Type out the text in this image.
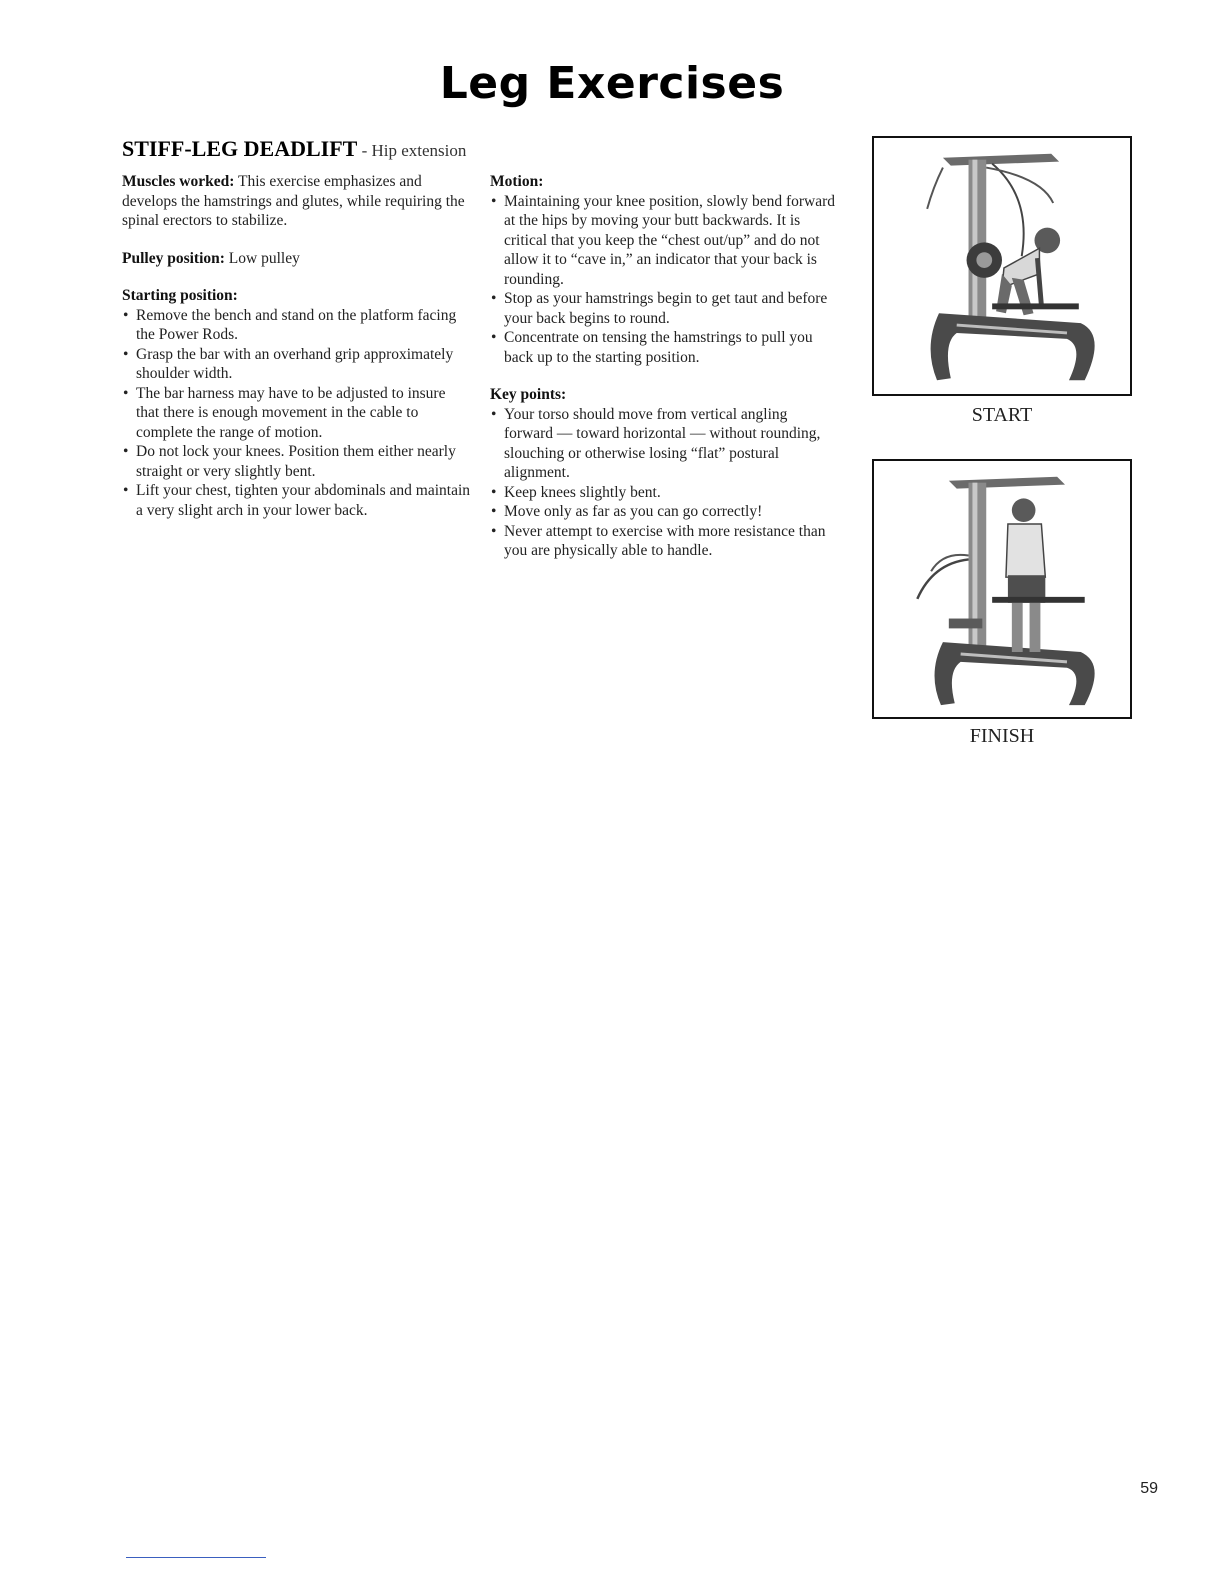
Leg Exercises
STIFF-LEG DEADLIFT - Hip extension

Muscles worked: This exercise emphasizes and develops the hamstrings and glutes, while requiring the spinal erectors to stabilize.

Pulley position: Low pulley

Starting position:

• Remove the bench and stand on the platform facing the Power Rods.
• Grasp the bar with an overhand grip approximately shoulder width.
• The bar harness may have to be adjusted to insure that there is enough movement in the cable to complete the range of motion.
• Do not lock your knees. Position them either nearly straight or very slightly bent.
• Lift your chest, tighten your abdominals and maintain a very slight arch in your lower back.

Motion:

• Maintaining your knee position, slowly bend forward at the hips by moving your butt backwards. It is critical that you keep the “chest out/up” and do not allow it to “cave in,” an indicator that your back is rounding.
• Stop as your hamstrings begin to get taut and before your back begins to round.
• Concentrate on tensing the hamstrings to pull you back up to the starting position.

Key points:

• Your torso should move from vertical angling forward — toward horizontal — without rounding, slouching or otherwise losing “flat” postural alignment.
• Keep knees slightly bent.
• Move only as far as you can go correctly!
• Never attempt to exercise with more resistance than you are physically able to handle.
START
FINISH
59
